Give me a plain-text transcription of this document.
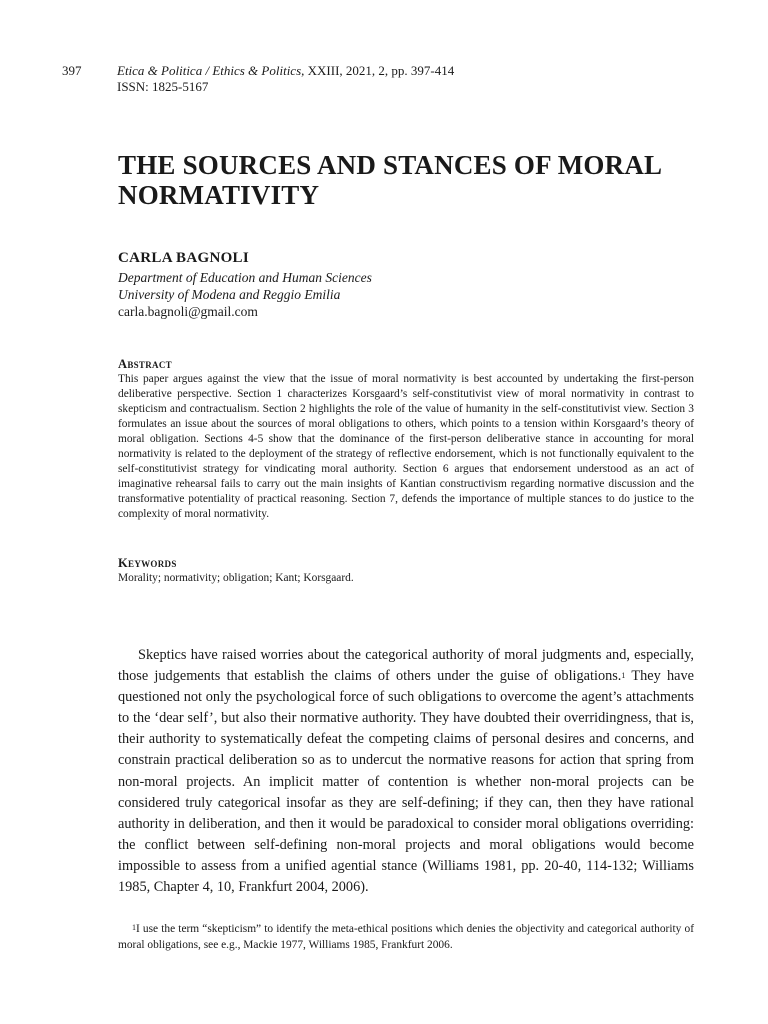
397	Etica & Politica / Ethics & Politics, XXIII, 2021, 2, pp. 397-414
ISSN: 1825-5167
THE SOURCES AND STANCES OF MORAL NORMATIVITY
CARLA BAGNOLI
Department of Education and Human Sciences
University of Modena and Reggio Emilia
carla.bagnoli@gmail.com
Abstract

This paper argues against the view that the issue of moral normativity is best accounted by undertaking the first-person deliberative perspective. Section 1 characterizes Korsgaard’s self-constitutivist view of moral normativity in contrast to skepticism and contractualism. Section 2 highlights the role of the value of humanity in the self-constitutivist view. Section 3 formulates an issue about the sources of moral obligations to others, which points to a tension within Korsgaard’s theory of moral obligation. Sections 4-5 show that the dominance of the first-person deliberative stance in accounting for moral normativity is related to the deployment of the strategy of reflective endorsement, which is not functionally equivalent to the self-constitutivist strategy for vindicating moral authority. Section 6 argues that endorsement understood as an act of imaginative rehearsal fails to carry out the main insights of Kantian constructivism regarding normative discussion and the transformative potentiality of practical reasoning. Section 7, defends the importance of multiple stances to do justice to the complexity of moral normativity.

Keywords
Morality; normativity; obligation; Kant; Korsgaard.

Skeptics have raised worries about the categorical authority of moral judgments and, especially, those judgements that establish the claims of others under the guise of obligations.$^1$ They have questioned not only the psychological force of such obligations to overcome the agent’s attachments to the ‘dear self’, but also their normative authority. They have doubted their overridingness, that is, their authority to systematically defeat the competing claims of personal desires and concerns, and constrain practical deliberation so as to undercut the normative reasons for action that spring from non-moral projects. An implicit matter of contention is whether non-moral projects can be considered truly categorical insofar as they are self-defining; if they can, then they have rational authority in deliberation, and then it would be paradoxical to consider moral obligations overriding: the conflict between self-defining non-moral projects and moral obligations would become impossible to assess from a unified agential stance (Williams 1981, pp. 20-40, 114-132; Williams 1985, Chapter 4, 10, Frankfurt 2004, 2006).

$^1$I use the term “skepticism” to identify the meta-ethical positions which denies the objectivity and categorical authority of moral obligations, see e.g., Mackie 1977, Williams 1985, Frankfurt 2006.
